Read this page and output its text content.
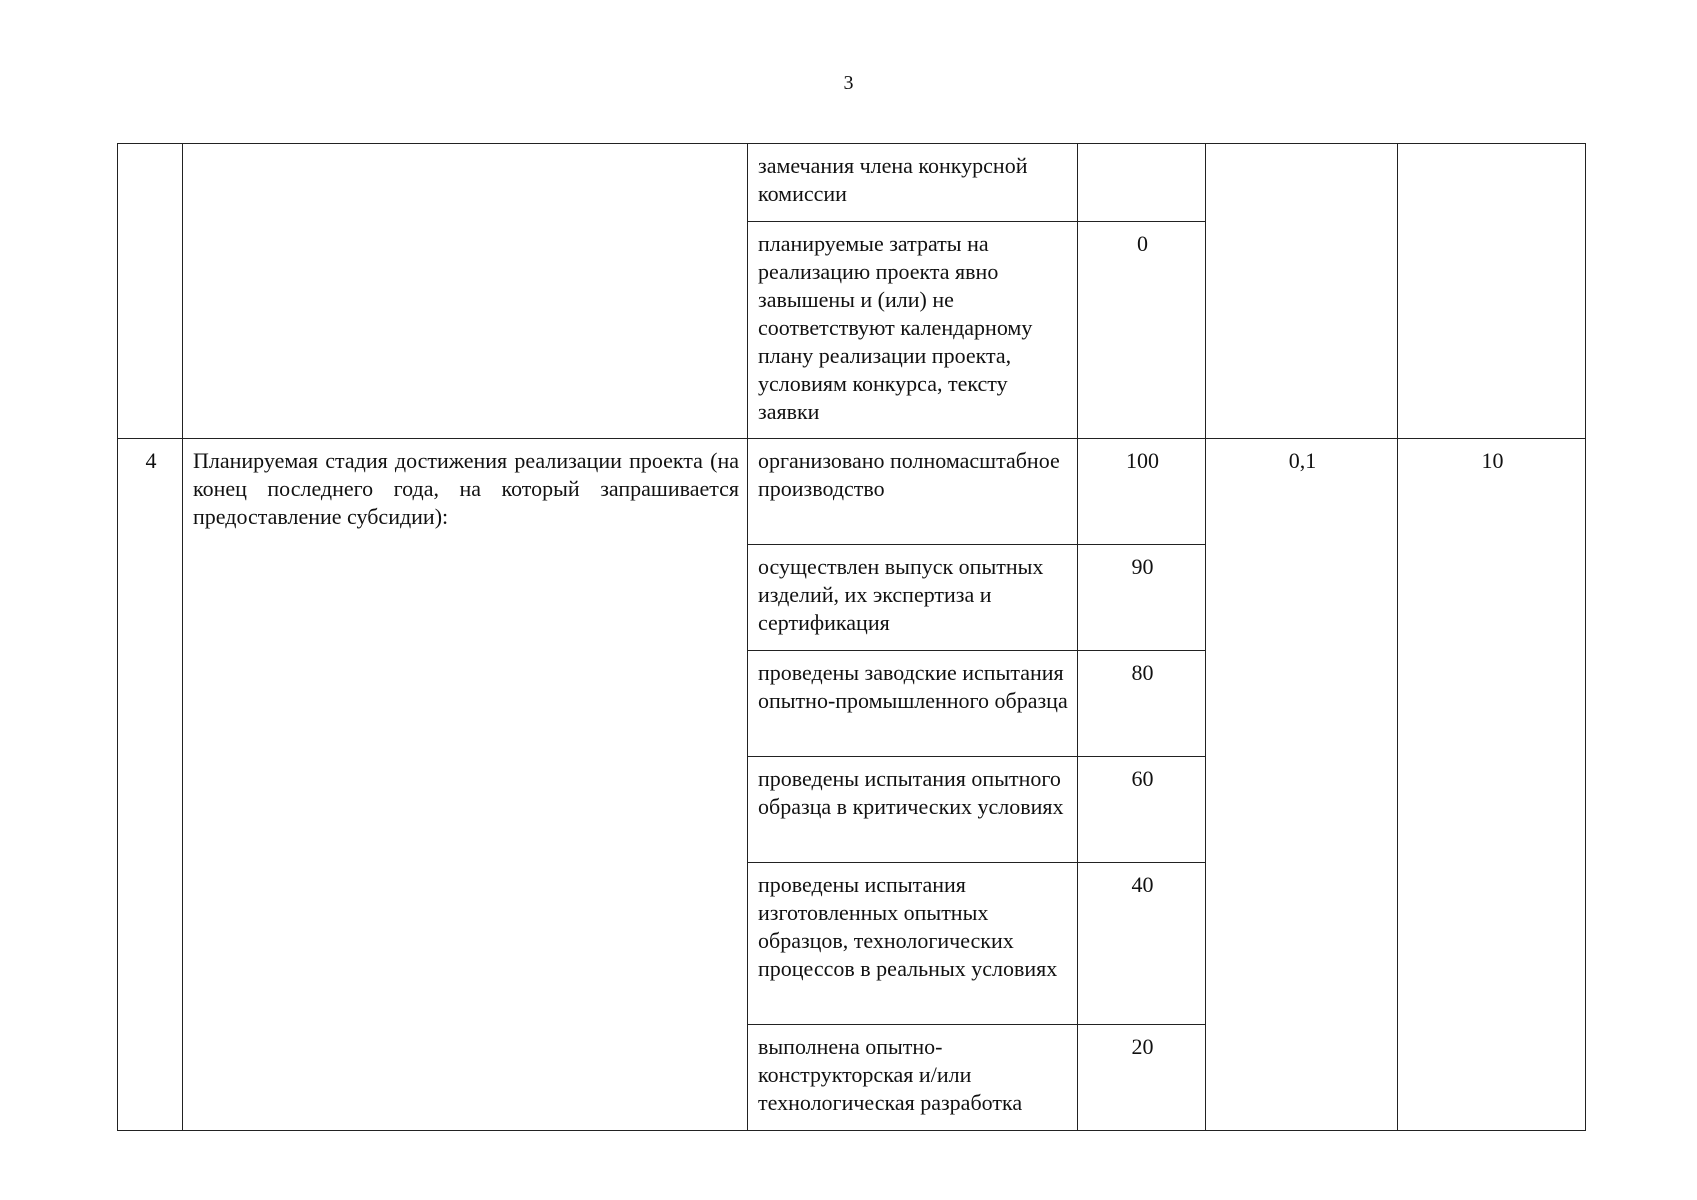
3
		замечания члена конкурсной комиссии			
		планируемые затраты на реализацию проекта явно завышены и (или) не соответствуют календарному плану реализации проекта, условиям конкурса, тексту заявки	0		
4	Планируемая стадия достижения реализации проекта (на конец последнего года, на который запрашивается предоставление субсидии):	организовано полномасштабное производство	100	0,1	10
		осуществлен выпуск опытных изделий, их экспертиза и сертификация	90		
		проведены заводские испытания опытно-промышленного образца	80		
		проведены испытания опытного образца в критических условиях	60		
		проведены испытания изготовленных опытных образцов, технологических процессов в реальных условиях	40		
		выполнена опытно-конструкторская и/или технологическая разработка	20		
